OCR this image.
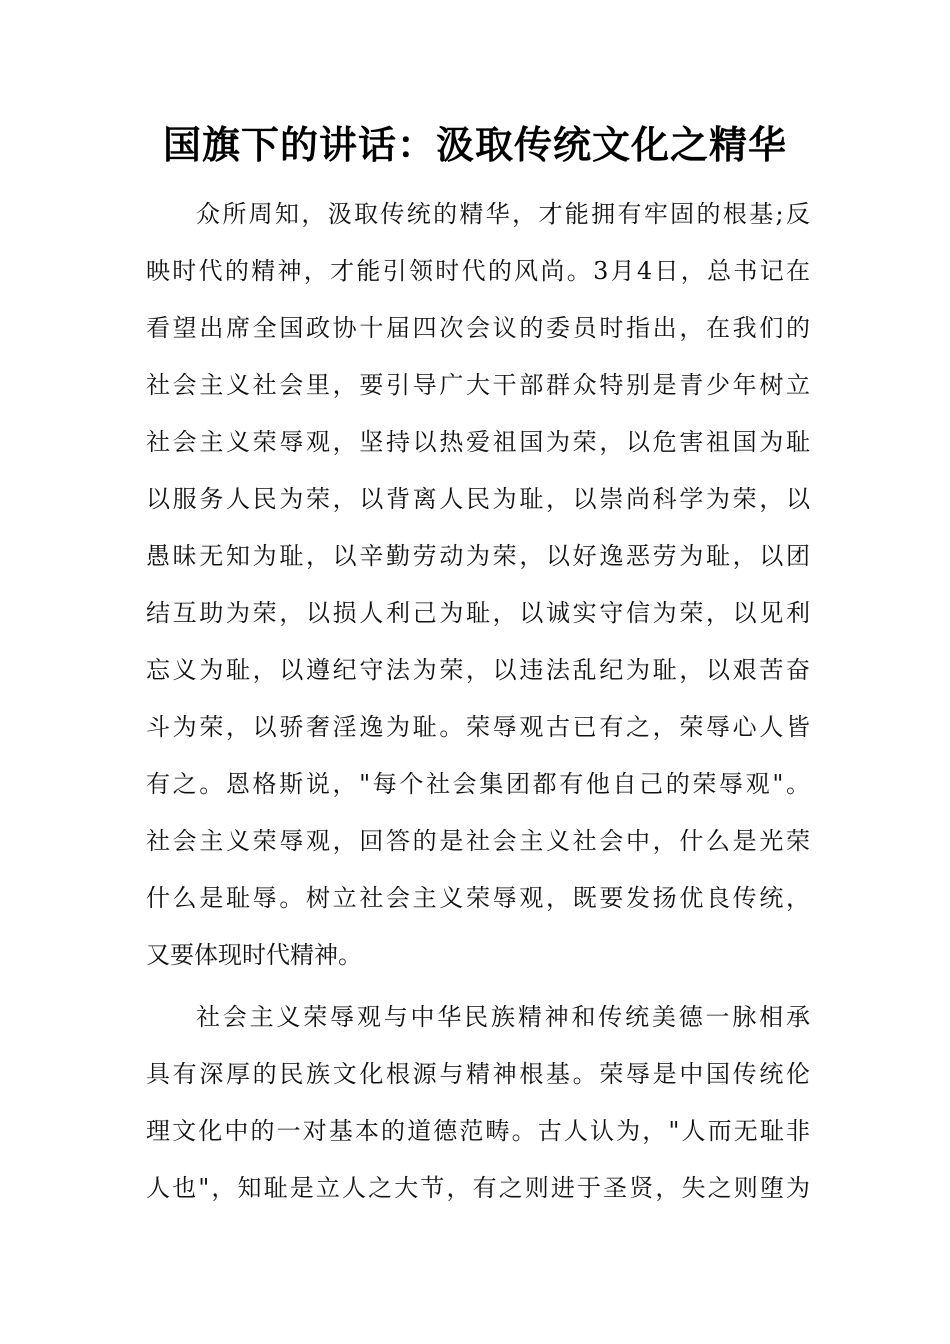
国旗下的讲话：汲取传统文化之精华
众所周知，汲取传统的精华，才能拥有牢固的根基;反
映时代的精神，才能引领时代的风尚。3月4日，总书记在
看望出席全国政协十届四次会议的委员时指出，在我们的
社会主义社会里，要引导广大干部群众特别是青少年树立
社会主义荣辱观，坚持以热爱祖国为荣，以危害祖国为耻
以服务人民为荣，以背离人民为耻，以崇尚科学为荣，以
愚昧无知为耻，以辛勤劳动为荣，以好逸恶劳为耻，以团
结互助为荣，以损人利己为耻，以诚实守信为荣，以见利
忘义为耻，以遵纪守法为荣，以违法乱纪为耻，以艰苦奋
斗为荣，以骄奢淫逸为耻。荣辱观古已有之，荣辱心人皆
有之。恩格斯说，"每个社会集团都有他自己的荣辱观"。
社会主义荣辱观，回答的是社会主义社会中，什么是光荣
什么是耻辱。树立社会主义荣辱观，既要发扬优良传统，
又要体现时代精神。
社会主义荣辱观与中华民族精神和传统美德一脉相承
具有深厚的民族文化根源与精神根基。荣辱是中国传统伦
理文化中的一对基本的道德范畴。古人认为，"人而无耻非
人也"，知耻是立人之大节，有之则进于圣贤，失之则堕为
